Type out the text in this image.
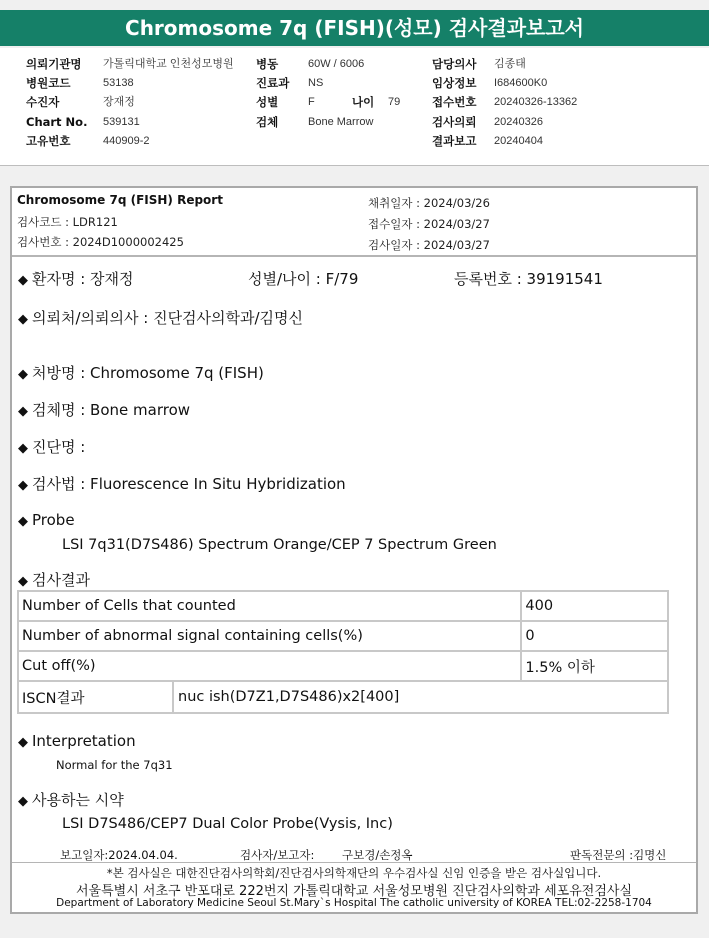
Chromosome 7q (FISH)(성모) 검사결과보고서
의뢰기관명 가톨릭대학교 인천성모병원
병원코드	53138
수진자	장재정
Chart No. 539131
고유번호	440909-2
병동	60W / 6006
진료과 NS
성별	F	나이 79
검체	Bone Marrow
담당의사 김종태
임상정보 I684600K0
접수번호 20240326-13362
검사의뢰 20240326
결과보고 20240404
Chromosome 7q (FISH) Report
검사코드 : LDR121
검사번호 : 2024D1000002425
채취일자 : 2024/03/26
접수일자 : 2024/03/27
검사일자 : 2024/03/27
◆ 환자명 : 장재정	성별/나이 : F/79	등록번호 : 39191541
◆ 의뢰처/의뢰의사 : 진단검사의학과/김명신
◆ 처방명 : Chromosome 7q (FISH)
◆ 검체명 : Bone marrow
◆ 진단명 :
◆ 검사법 : Fluorescence In Situ Hybridization
◆ Probe
LSI 7q31(D7S486) Spectrum Orange/CEP 7 Spectrum Green
◆ 검사결과
Number of Cells that counted	400
Number of abnormal signal containing cells(%)	0
Cut off(%)	1.5% 이하

ISCN결과 nuc ish(D7Z1,D7S486)x2[400]	
◆ Interpretation
Normal for the 7q31
◆ 사용하는 시약
LSI D7S486/CEP7 Dual Color Probe(Vysis, Inc)
보고일자:2024.04.04.	검사자/보고자: 구보경/손정옥	판독전문의 :김명신
*본 검사실은 대한진단검사의학회/진단검사의학재단의 우수검사실 신임 인증을 받은 검사실입니다.
서울특별시 서초구 반포대로 222번지 가톨릭대학교 서울성모병원 진단검사의학과 세포유전검사실
Department of Laboratory Medicine Seoul St.Mary`s Hospital The catholic university of KOREA TEL:02-2258-1704
